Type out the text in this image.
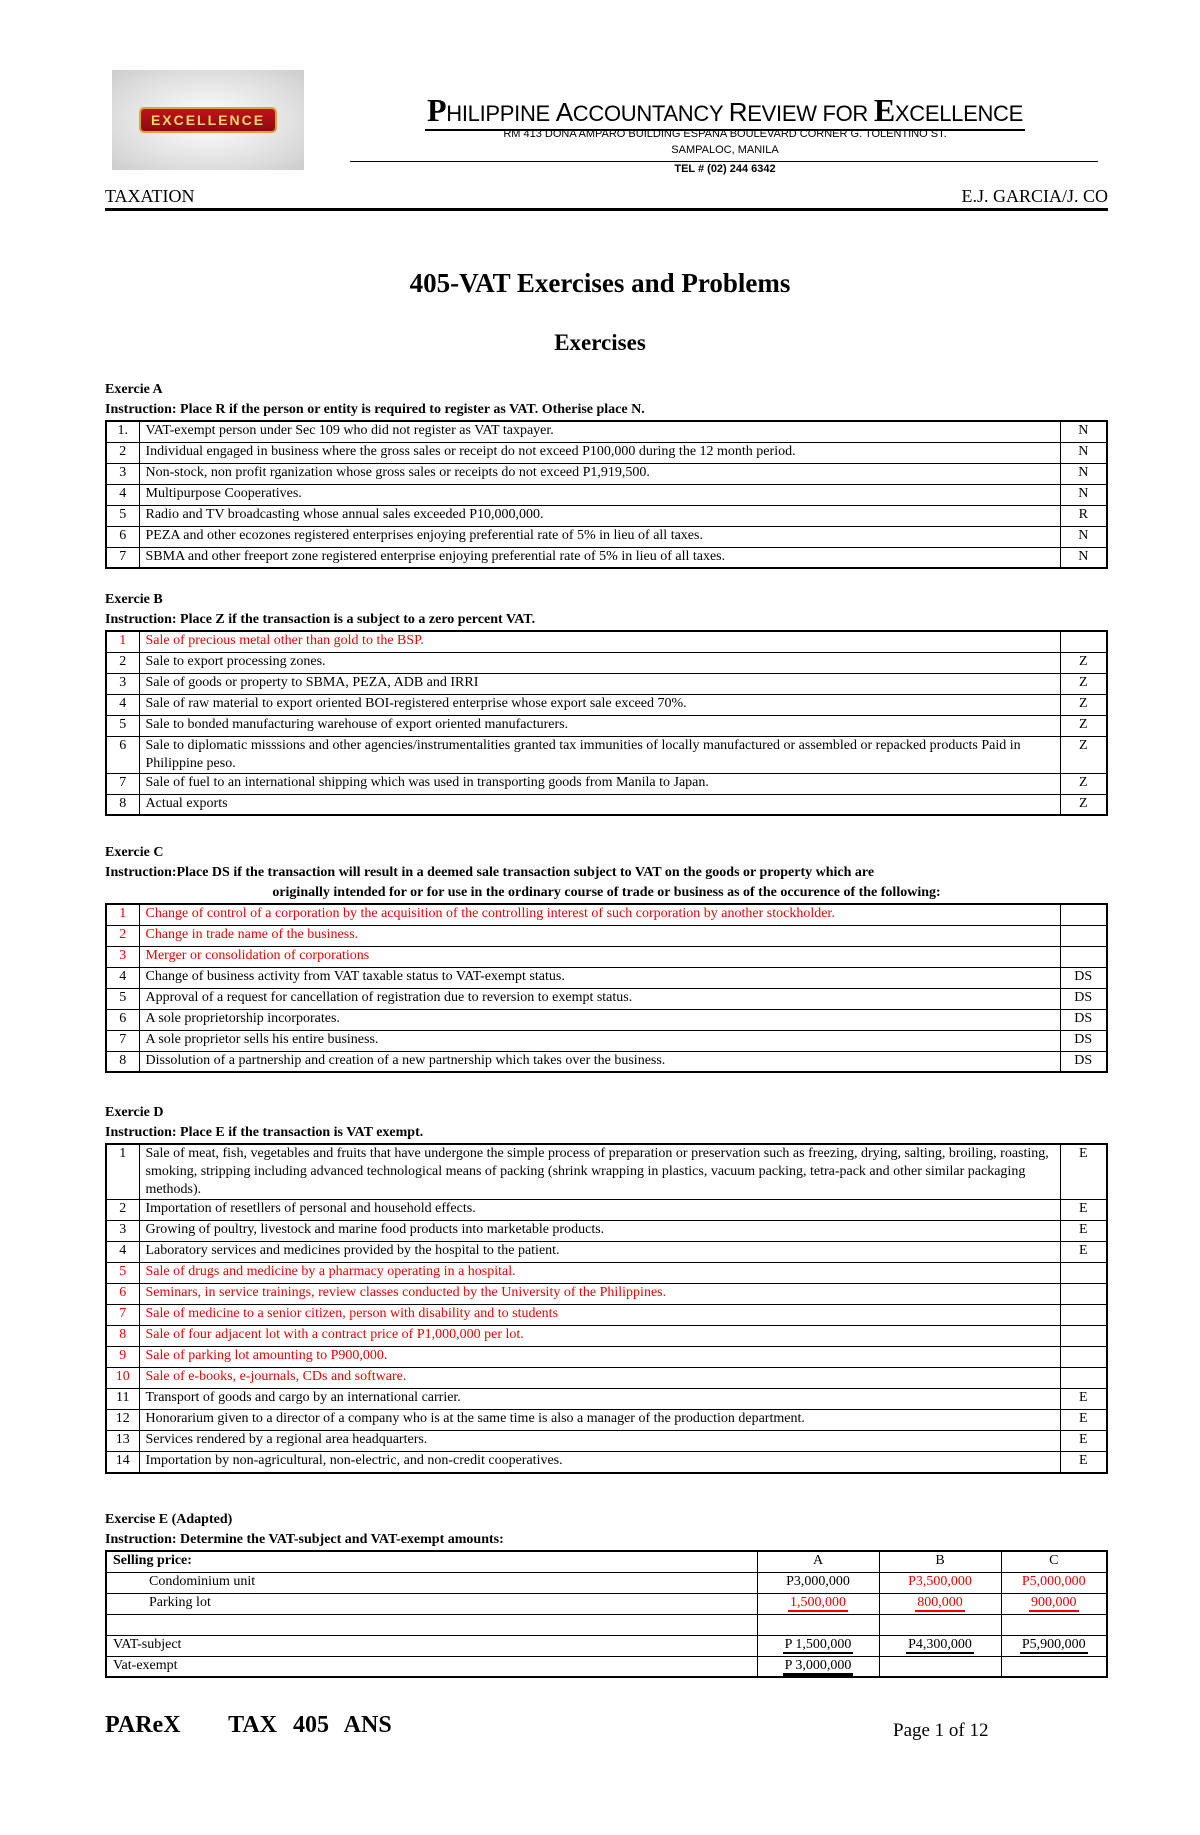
EXCELLENCE	PHILIPPINE ACCOUNTANCY REVIEW FOR EXCELLENCE
RM 413 DONA AMPARO BUILDING ESPANA BOULEVARD CORNER G. TOLENTINO ST.
SAMPALOC, MANILA
TEL # (02) 244 6342
TAXATION	E.J. GARCIA/J. CO
405-VAT Exercises and Problems
Exercises
Exercie A
Instruction: Place R if the person or entity is required to register as VAT. Otherise place N.
1.	VAT-exempt person under Sec 109 who did not register as VAT taxpayer.	N
2	Individual engaged in business where the gross sales or receipt do not exceed P100,000 during the 12 month period.	N
3	Non-stock, non profit rganization whose gross sales or receipts do not exceed P1,919,500.	N
4	Multipurpose Cooperatives.	N
5	Radio and TV broadcasting whose annual sales exceeded P10,000,000.	R
6	PEZA and other ecozones registered enterprises enjoying preferential rate of 5% in lieu of all taxes.	N
7	SBMA and other freeport zone registered enterprise enjoying preferential rate of 5% in lieu of all taxes.	N
Exercie B
Instruction: Place Z if the transaction is a subject to a zero percent VAT.
1	Sale of precious metal other than gold to the BSP.	
2	Sale to export processing zones.	Z
3	Sale of goods or property to SBMA, PEZA, ADB and IRRI	Z
4	Sale of raw material to export oriented BOI-registered enterprise whose export sale exceed 70%.	Z
5	Sale to bonded manufacturing warehouse of export oriented manufacturers.	Z
6	Sale to diplomatic misssions and other agencies/instrumentalities granted tax immunities of locally manufactured or assembled or repacked products Paid in Philippine peso.	Z
7	Sale of fuel to an international shipping which was used in transporting goods from Manila to Japan.	Z
8	Actual exports	Z
Exercie C
Instruction:Place DS if the transaction will result in a deemed sale transaction subject to VAT on the goods or property which are
originally intended for or for use in the ordinary course of trade or business as of the occurence of the following:
1	Change of control of a corporation by the acquisition of the controlling interest of such corporation by another stockholder.	
2	Change in trade name of the business.	
3	Merger or consolidation of corporations	
4	Change of business activity from VAT taxable status to VAT-exempt status.	DS
5	Approval of a request for cancellation of registration due to reversion to exempt status.	DS
6	A sole proprietorship incorporates.	DS
7	A sole proprietor sells his entire business.	DS
8	Dissolution of a partnership and creation of a new partnership which takes over the business.	DS
Exercie D
Instruction: Place E if the transaction is VAT exempt.
1	Sale of meat, fish, vegetables and fruits that have undergone the simple process of preparation or preservation such as freezing, drying, salting, broiling, roasting, smoking, stripping including advanced technological means of packing (shrink wrapping in plastics, vacuum packing, tetra-pack and other similar packaging methods).	E
2	Importation of resetllers of personal and household effects.	E
3	Growing of poultry, livestock and marine food products into marketable products.	E
4	Laboratory services and medicines provided by the hospital to the patient.	E
5	Sale of drugs and medicine by a pharmacy operating in a hospital.	
6	Seminars, in service trainings, review classes conducted by the University of the Philippines.	
7	Sale of medicine to a senior citizen, person with disability and to students	
8	Sale of four adjacent lot with a contract price of P1,000,000 per lot.	
9	Sale of parking lot amounting to P900,000.	
10	Sale of e-books, e-journals, CDs and software.	
11	Transport of goods and cargo by an international carrier.	E
12	Honorarium given to a director of a company who is at the same time is also a manager of the production department.	E
13	Services rendered by a regional area headquarters.	E
14	Importation by non-agricultural, non-electric, and non-credit cooperatives.	E
Exercise E (Adapted)
Instruction: Determine the VAT-subject and VAT-exempt amounts:
Selling price:	A	B	C
Condominium unit	P3,000,000	P3,500,000	P5,000,000
Parking lot	1,500,000	800,000	900,000

VAT-subject	P 1,500,000	P4,300,000	P5,900,000
Vat-exempt	P 3,000,000		
PAReX   TAX 405 ANS	Page 1 of 12
